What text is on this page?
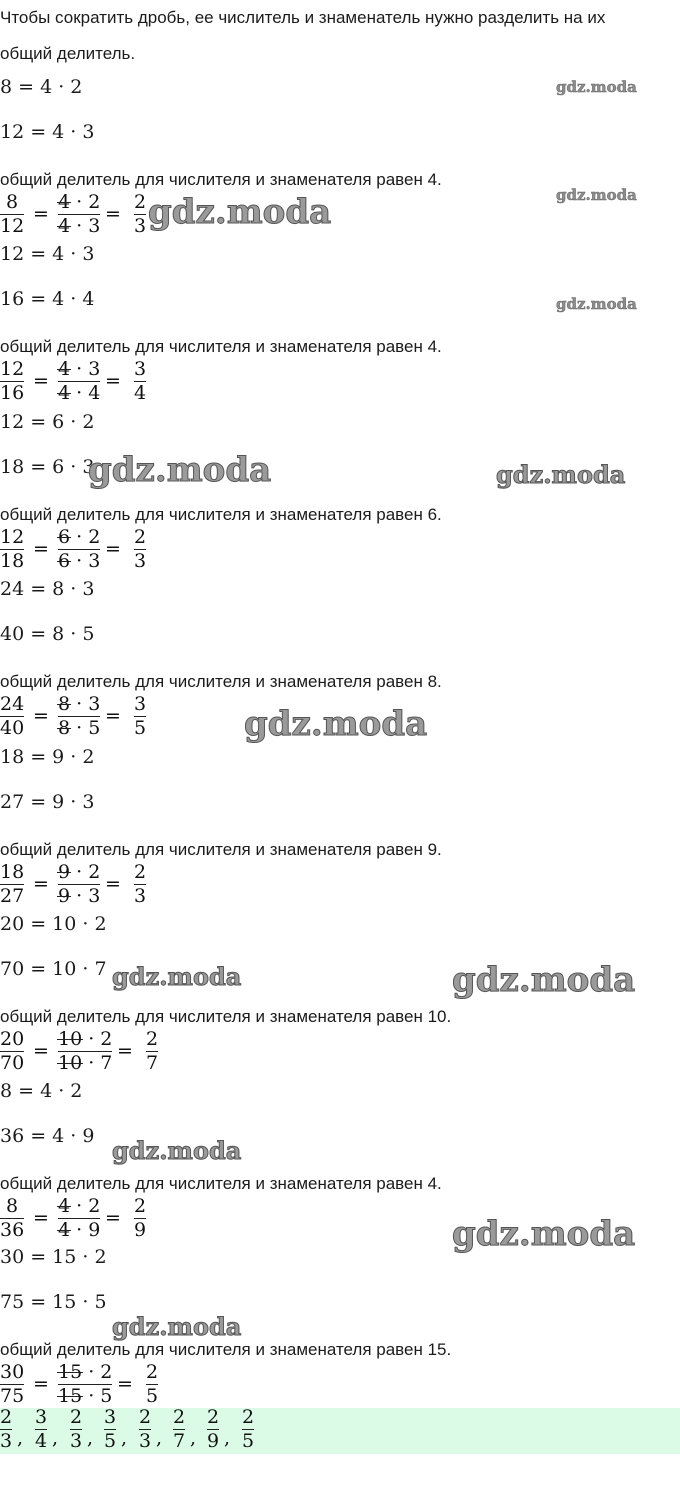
Чтобы сократить дробь, ее числитель и знаменатель нужно разделить на их
общий делитель.
8 = 4 · 2
12 = 4 · 3
общий делитель для числителя и знаменателя равен 4.
8
12
=
4 · 2
4 · 3
=
2
3
12 = 4 · 3
16 = 4 · 4
общий делитель для числителя и знаменателя равен 4.
12
16
=
4 · 3
4 · 4
=
3
4
12 = 6 · 2
18 = 6 · 3
общий делитель для числителя и знаменателя равен 6.
12
18
=
6 · 2
6 · 3
=
2
3
24 = 8 · 3
40 = 8 · 5
общий делитель для числителя и знаменателя равен 8.
24
40
=
8 · 3
8 · 5
=
3
5
18 = 9 · 2
27 = 9 · 3
общий делитель для числителя и знаменателя равен 9.
18
27
=
9 · 2
9 · 3
=
2
3
20 = 10 · 2
70 = 10 · 7
общий делитель для числителя и знаменателя равен 10.
20
70
=
10 · 2
10 · 7
=
2
7
8 = 4 · 2
36 = 4 · 9
общий делитель для числителя и знаменателя равен 4.
8
36
=
4 · 2
4 · 9
=
2
9
30 = 15 · 2
75 = 15 · 5
общий делитель для числителя и знаменателя равен 15.
30
75
=
15 · 2
15 · 5
=
2
5
2
3 ,
3
4 ,
2
3 ,
3
5 ,
2
3 ,
2
7 ,
2
9 ,
2
5
gdz.moda
gdz.moda
gdz.moda
gdz.moda
gdz.moda	gdz.moda
gdz.moda
gdz.moda	gdz.moda
gdz.moda
gdz.moda
gdz.moda
